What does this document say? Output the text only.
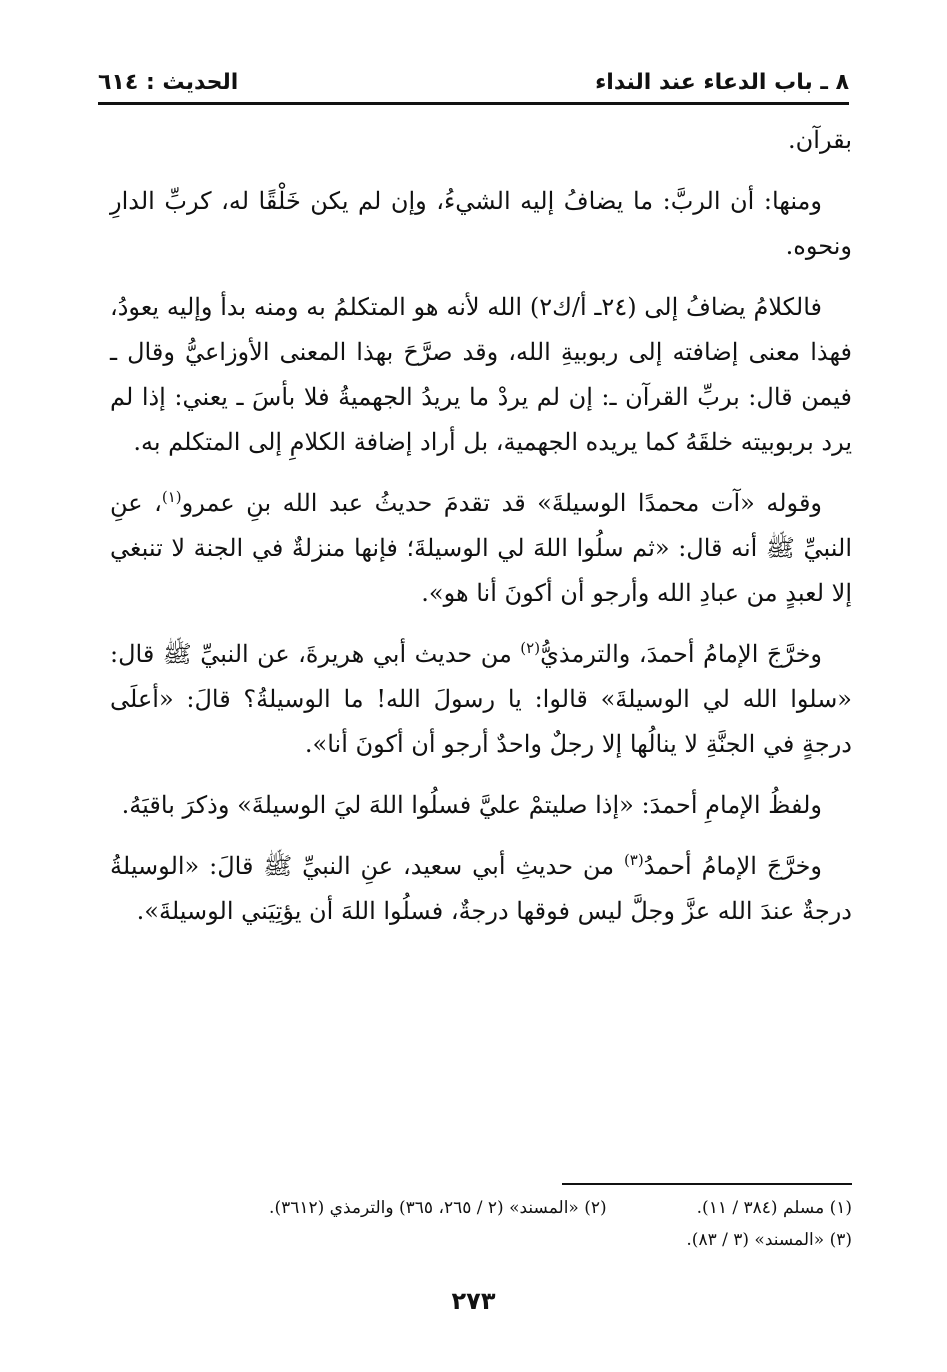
٨ ـ باب الدعاء عند النداء
الحديث : ٦١٤

بقرآن.

ومنها: أن الربَّ: ما يضافُ إليه الشيءُ، وإن لم يكن خَلْقًا له، كربِّ الدارِ ونحوه.

فالكلامُ يضافُ إلى (٢٤ـ أ/ك٢) الله لأنه هو المتكلمُ به ومنه بدأ وإليه يعودُ، فهذا معنى إضافته إلى ربوبيةِ الله، وقد صرَّحَ بهذا المعنى الأوزاعيُّ وقال ـ فيمن قال: بربِّ القرآن ـ: إن لم يردْ ما يريدُ الجهميةُ فلا بأسَ ـ يعني: إذا لم يرد بربوبيته خلقَهُ كما يريده الجهمية، بل أراد إضافة الكلامِ إلى المتكلم به.

وقوله «آت محمدًا الوسيلةَ» قد تقدمَ حديثُ عبد الله بنِ عمرو$^{(١)}$، عنِ النبيِّ ﷺ أنه قال: «ثم سلُوا اللهَ لي الوسيلةَ؛ فإنها منزلةٌ في الجنة لا تنبغي إلا لعبدٍ من عبادِ الله وأرجو أن أكونَ أنا هو».

وخرَّجَ الإمامُ أحمدَ، والترمذيُّ$^{(٢)}$ من حديث أبي هريرةَ، عن النبيِّ ﷺ قال: «سلوا الله لي الوسيلةَ» قالوا: يا رسولَ الله! ما الوسيلةُ؟ قالَ: «أعلَى درجةٍ في الجنَّةِ لا ينالُها إلا رجلٌ واحدٌ أرجو أن أكونَ أنا».

ولفظُ الإمامِ أحمدَ: «إذا صليتمْ عليَّ فسلُوا اللهَ ليَ الوسيلةَ» وذكرَ باقيَهُ.

وخرَّجَ الإمامُ أحمدُ$^{(٣)}$ من حديثِ أبي سعيد، عنِ النبيِّ ﷺ قالَ: «الوسيلةُ درجةٌ عندَ الله عزَّ وجلَّ ليس فوقها درجةٌ، فسلُوا اللهَ أن يؤتِيَني الوسيلةَ».

(١) مسلم (٣٨٤ / ١١).
(٢) «المسند» (٢ / ٢٦٥، ٣٦٥) والترمذي (٣٦١٢).
(٣) «المسند» (٣ / ٨٣).
٢٧٣
